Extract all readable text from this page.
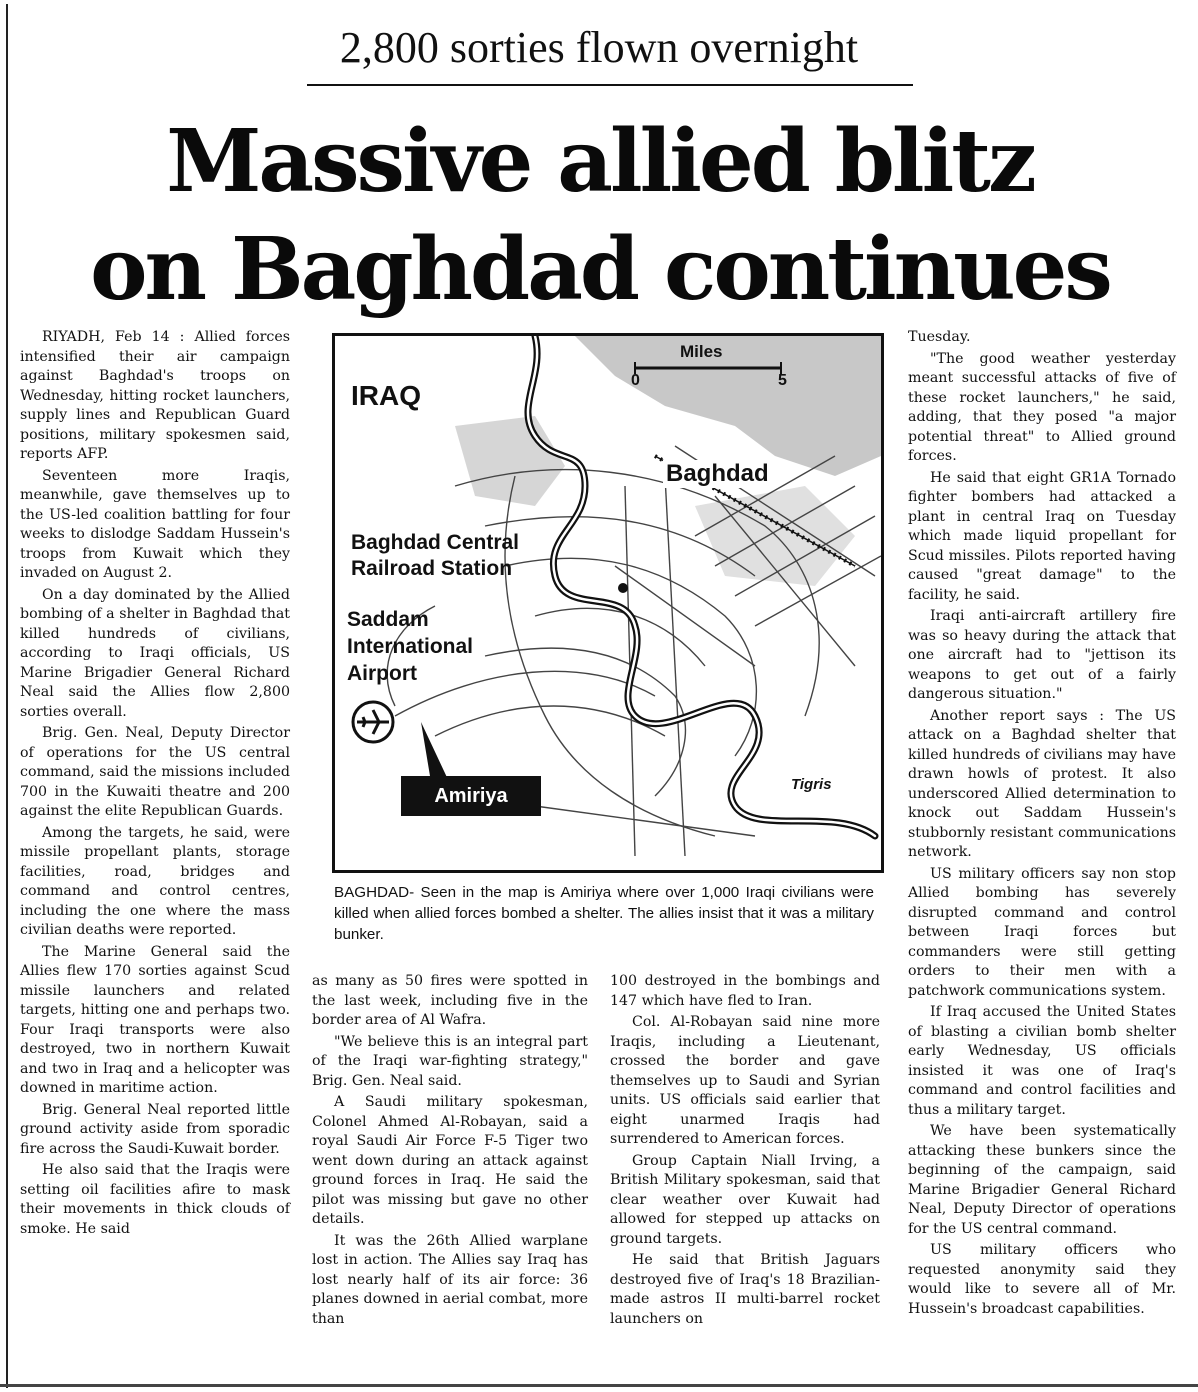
2,800 sorties flown overnight
Massive allied blitz
on Baghdad continues

RIYADH, Feb 14 : Allied forces intensified their air campaign against Baghdad's troops on Wednesday, hitting rocket launchers, supply lines and Republican Guard positions, military spokesmen said, reports AFP.

Seventeen more Iraqis, meanwhile, gave themselves up to the US-led coalition battling for four weeks to dislodge Saddam Hussein's troops from Kuwait which they invaded on August 2.

On a day dominated by the Allied bombing of a shelter in Baghdad that killed hundreds of civilians, according to Iraqi officials, US Marine Brigadier General Richard Neal said the Allies flow 2,800 sorties overall.

Brig. Gen. Neal, Deputy Director of operations for the US central command, said the missions included 700 in the Kuwaiti theatre and 200 against the elite Republican Guards.

Among the targets, he said, were missile propellant plants, storage facilities, road, bridges and command and control centres, including the one where the mass civilian deaths were reported.

The Marine General said the Allies flew 170 sorties against Scud missile launchers and related targets, hitting one and perhaps two. Four Iraqi transports were also destroyed, two in northern Kuwait and two in Iraq and a helicopter was downed in maritime action.

Brig. General Neal reported little ground activity aside from sporadic fire across the Saudi-Kuwait border.

He also said that the Iraqis were setting oil facilities afire to mask their movements in thick clouds of smoke. He said

IRAQ
Miles
0	5
Baghdad
Baghdad Central Railroad Station
Saddam International Airport
Tigris
Amiriya
BAGHDAD- Seen in the map is Amiriya where over 1,000 Iraqi civilians were killed when allied forces bombed a shelter. The allies insist that it was a military bunker.

as many as 50 fires were spotted in the last week, including five in the border area of Al Wafra.

"We believe this is an integral part of the Iraqi war-fighting strategy," Brig. Gen. Neal said.

A Saudi military spokesman, Colonel Ahmed Al-Robayan, said a royal Saudi Air Force F-5 Tiger two went down during an attack against ground forces in Iraq. He said the pilot was missing but gave no other details.

It was the 26th Allied warplane lost in action. The Allies say Iraq has lost nearly half of its air force: 36 planes downed in aerial combat, more than

100 destroyed in the bombings and 147 which have fled to Iran.

Col. Al-Robayan said nine more Iraqis, including a Lieutenant, crossed the border and gave themselves up to Saudi and Syrian units. US officials said earlier that eight unarmed Iraqis had surrendered to American forces.

Group Captain Niall Irving, a British Military spokesman, said that clear weather over Kuwait had allowed for stepped up attacks on ground targets.

He said that British Jaguars destroyed five of Iraq's 18 Brazilian-made astros II multi-barrel rocket launchers on

Tuesday.

"The good weather yesterday meant successful attacks of five of these rocket launchers," he said, adding, that they posed "a major potential threat" to Allied ground forces.

He said that eight GR1A Tornado fighter bombers had attacked a plant in central Iraq on Tuesday which made liquid propellant for Scud missiles. Pilots reported having caused "great damage" to the facility, he said.

Iraqi anti-aircraft artillery fire was so heavy during the attack that one aircraft had to "jettison its weapons to get out of a fairly dangerous situation."

Another report says : The US attack on a Baghdad shelter that killed hundreds of civilians may have drawn howls of protest. It also underscored Allied determination to knock out Saddam Hussein's stubbornly resistant communications network.

US military officers say non stop Allied bombing has severely disrupted command and control between Iraqi forces but commanders were still getting orders to their men with a patchwork communications system.

If Iraq accused the United States of blasting a civilian bomb shelter early Wednesday, US officials insisted it was one of Iraq's command and control facilities and thus a military target.

We have been systematically attacking these bunkers since the beginning of the campaign, said Marine Brigadier General Richard Neal, Deputy Director of operations for the US central command.

US military officers who requested anonymity said they would like to severe all of Mr. Hussein's broadcast capabilities.
